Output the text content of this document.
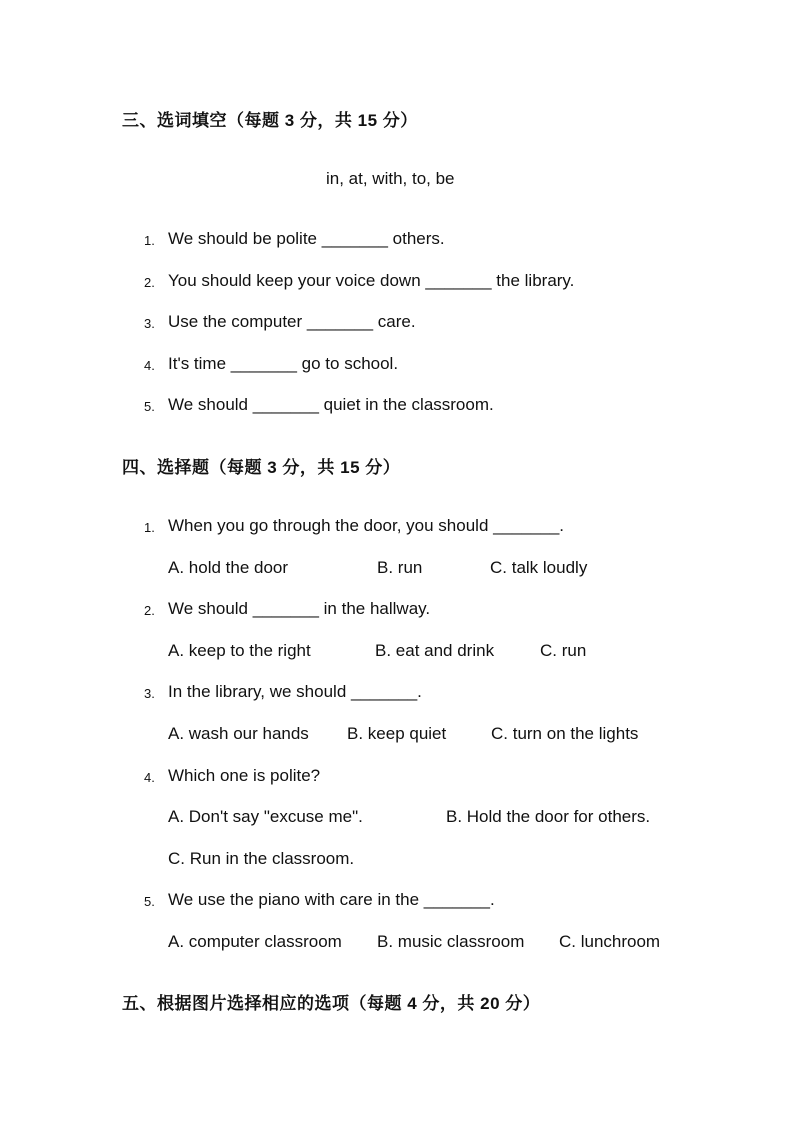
三、选词填空（每题 3 分，共 15 分）
in, at, with, to, be
1. We should be polite _______ others.
2. You should keep your voice down _______ the library.
3. Use the computer _______ care.
4. It's time _______ go to school.
5. We should _______ quiet in the classroom.
四、选择题（每题 3 分，共 15 分）
1. When you go through the door, you should _______.
A. hold the door	B. run	C. talk loudly
2. We should _______ in the hallway.
A. keep to the right	B. eat and drink	C. run
3. In the library, we should _______.
A. wash our hands B. keep quiet	C. turn on the lights
4. Which one is polite?
A. Don't say "excuse me".	B. Hold the door for others.
C. Run in the classroom.
5. We use the piano with care in the _______.
A. computer classroom B. music classroom C. lunchroom
五、根据图片选择相应的选项（每题 4 分，共 20 分）
